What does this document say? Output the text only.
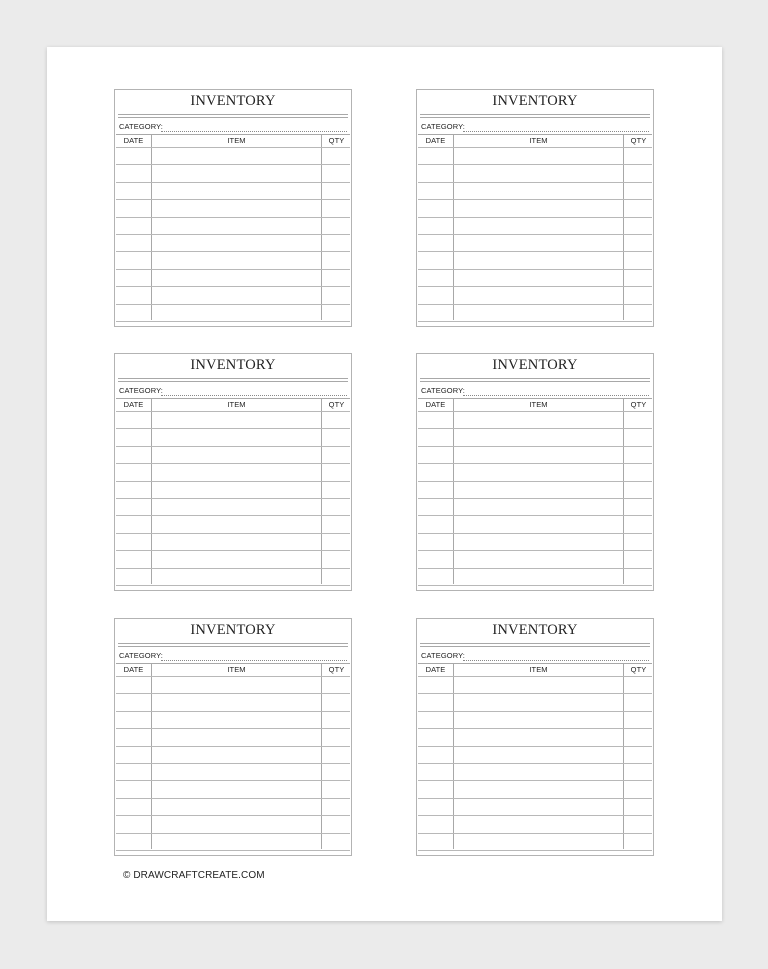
INVENTORY
CATEGORY:
DATE	ITEM	QTY
INVENTORY
CATEGORY:
DATE	ITEM	QTY
INVENTORY
CATEGORY:
DATE	ITEM	QTY
INVENTORY
CATEGORY:
DATE	ITEM	QTY
INVENTORY
CATEGORY:
DATE	ITEM	QTY
INVENTORY
CATEGORY:
DATE	ITEM	QTY
© DRAWCRAFTCREATE.COM
